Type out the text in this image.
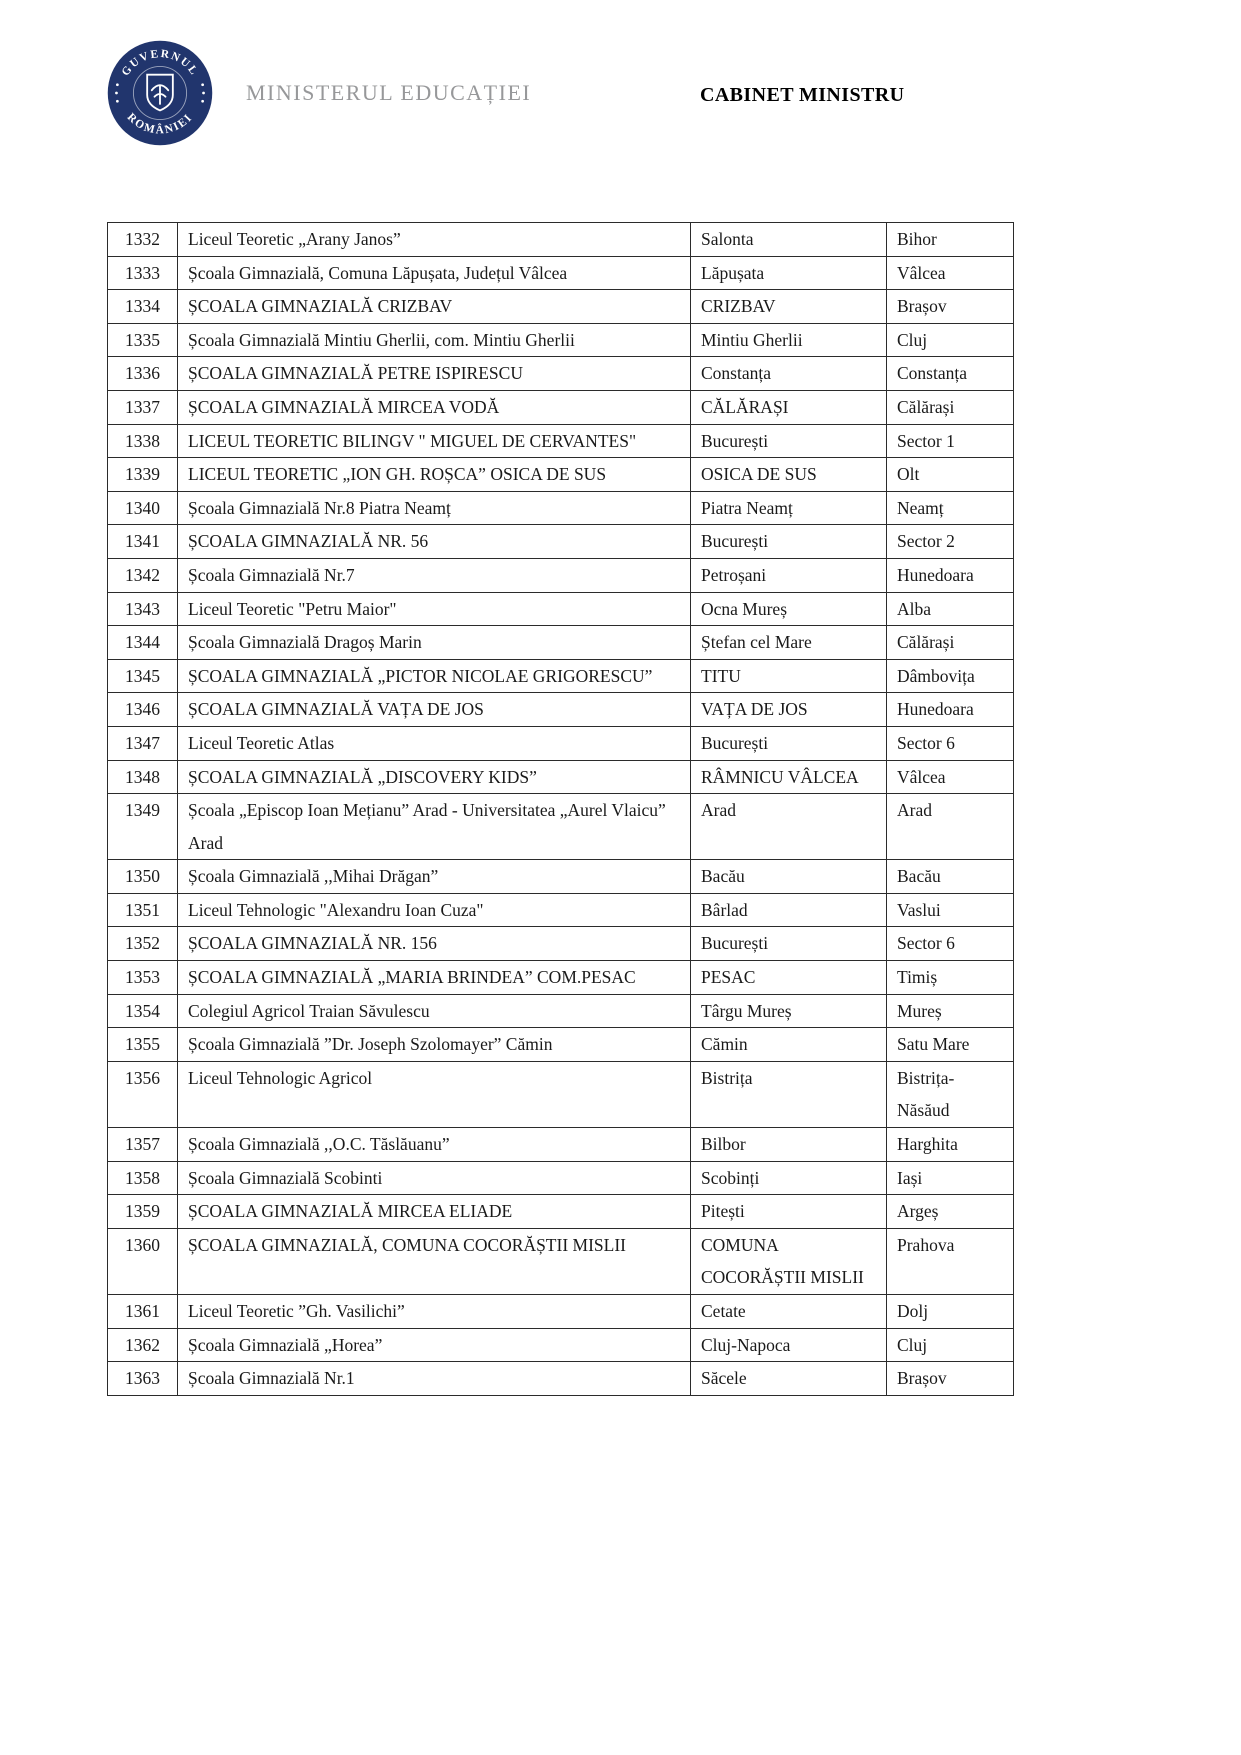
GUVERNUL
ROMÂNIEI
MINISTERUL EDUCAȚIEI	CABINET MINISTRU
1332	Liceul Teoretic „Arany Janos”	Salonta	Bihor
1333	Școala Gimnazială, Comuna Lăpușata, Județul Vâlcea	Lăpușata	Vâlcea
1334	ȘCOALA GIMNAZIALĂ CRIZBAV	CRIZBAV	Brașov
1335	Școala Gimnazială Mintiu Gherlii, com. Mintiu Gherlii	Mintiu Gherlii	Cluj
1336	ȘCOALA GIMNAZIALĂ PETRE ISPIRESCU	Constanța	Constanța
1337	ȘCOALA GIMNAZIALĂ MIRCEA VODĂ	CĂLĂRAȘI	Călărași
1338	LICEUL TEORETIC BILINGV " MIGUEL DE CERVANTES"	București	Sector 1
1339	LICEUL TEORETIC „ION GH. ROȘCA” OSICA DE SUS	OSICA DE SUS	Olt
1340	Școala Gimnazială Nr.8 Piatra Neamț	Piatra Neamț	Neamț
1341	ȘCOALA GIMNAZIALĂ NR. 56	București	Sector 2
1342	Școala Gimnazială Nr.7	Petroșani	Hunedoara
1343	Liceul Teoretic "Petru Maior"	Ocna Mureș	Alba
1344	Școala Gimnazială Dragoș Marin	Ștefan cel Mare	Călărași
1345	ȘCOALA GIMNAZIALĂ „PICTOR NICOLAE GRIGORESCU”	TITU	Dâmbovița
1346	ȘCOALA GIMNAZIALĂ VAȚA DE JOS	VAȚA DE JOS	Hunedoara
1347	Liceul Teoretic Atlas	București	Sector 6
1348	ȘCOALA GIMNAZIALĂ „DISCOVERY KIDS”	RÂMNICU VÂLCEA	Vâlcea
1349	Școala „Episcop Ioan Mețianu” Arad - Universitatea „Aurel Vlaicu” Arad	Arad	Arad
1350	Școala Gimnazială ,,Mihai Drăgan”	Bacău	Bacău
1351	Liceul Tehnologic "Alexandru Ioan Cuza"	Bârlad	Vaslui
1352	ȘCOALA GIMNAZIALĂ NR. 156	București	Sector 6
1353	ȘCOALA GIMNAZIALĂ „MARIA BRINDEA” COM.PESAC	PESAC	Timiș
1354	Colegiul Agricol Traian Săvulescu	Târgu Mureș	Mureș
1355	Școala Gimnazială ”Dr. Joseph Szolomayer” Cămin	Cămin	Satu Mare
1356	Liceul Tehnologic Agricol	Bistrița	Bistrița-Năsăud
1357	Școala Gimnazială ,,O.C. Tăslăuanu”	Bilbor	Harghita
1358	Școala Gimnazială Scobinti	Scobinți	Iași
1359	ȘCOALA GIMNAZIALĂ MIRCEA ELIADE	Pitești	Argeș
1360	ȘCOALA GIMNAZIALĂ, COMUNA COCORĂȘTII MISLII	COMUNA COCORĂȘTII MISLII	Prahova
1361	Liceul Teoretic ”Gh. Vasilichi”	Cetate	Dolj
1362	Școala Gimnazială „Horea”	Cluj-Napoca	Cluj
1363	Școala Gimnazială Nr.1	Săcele	Brașov
